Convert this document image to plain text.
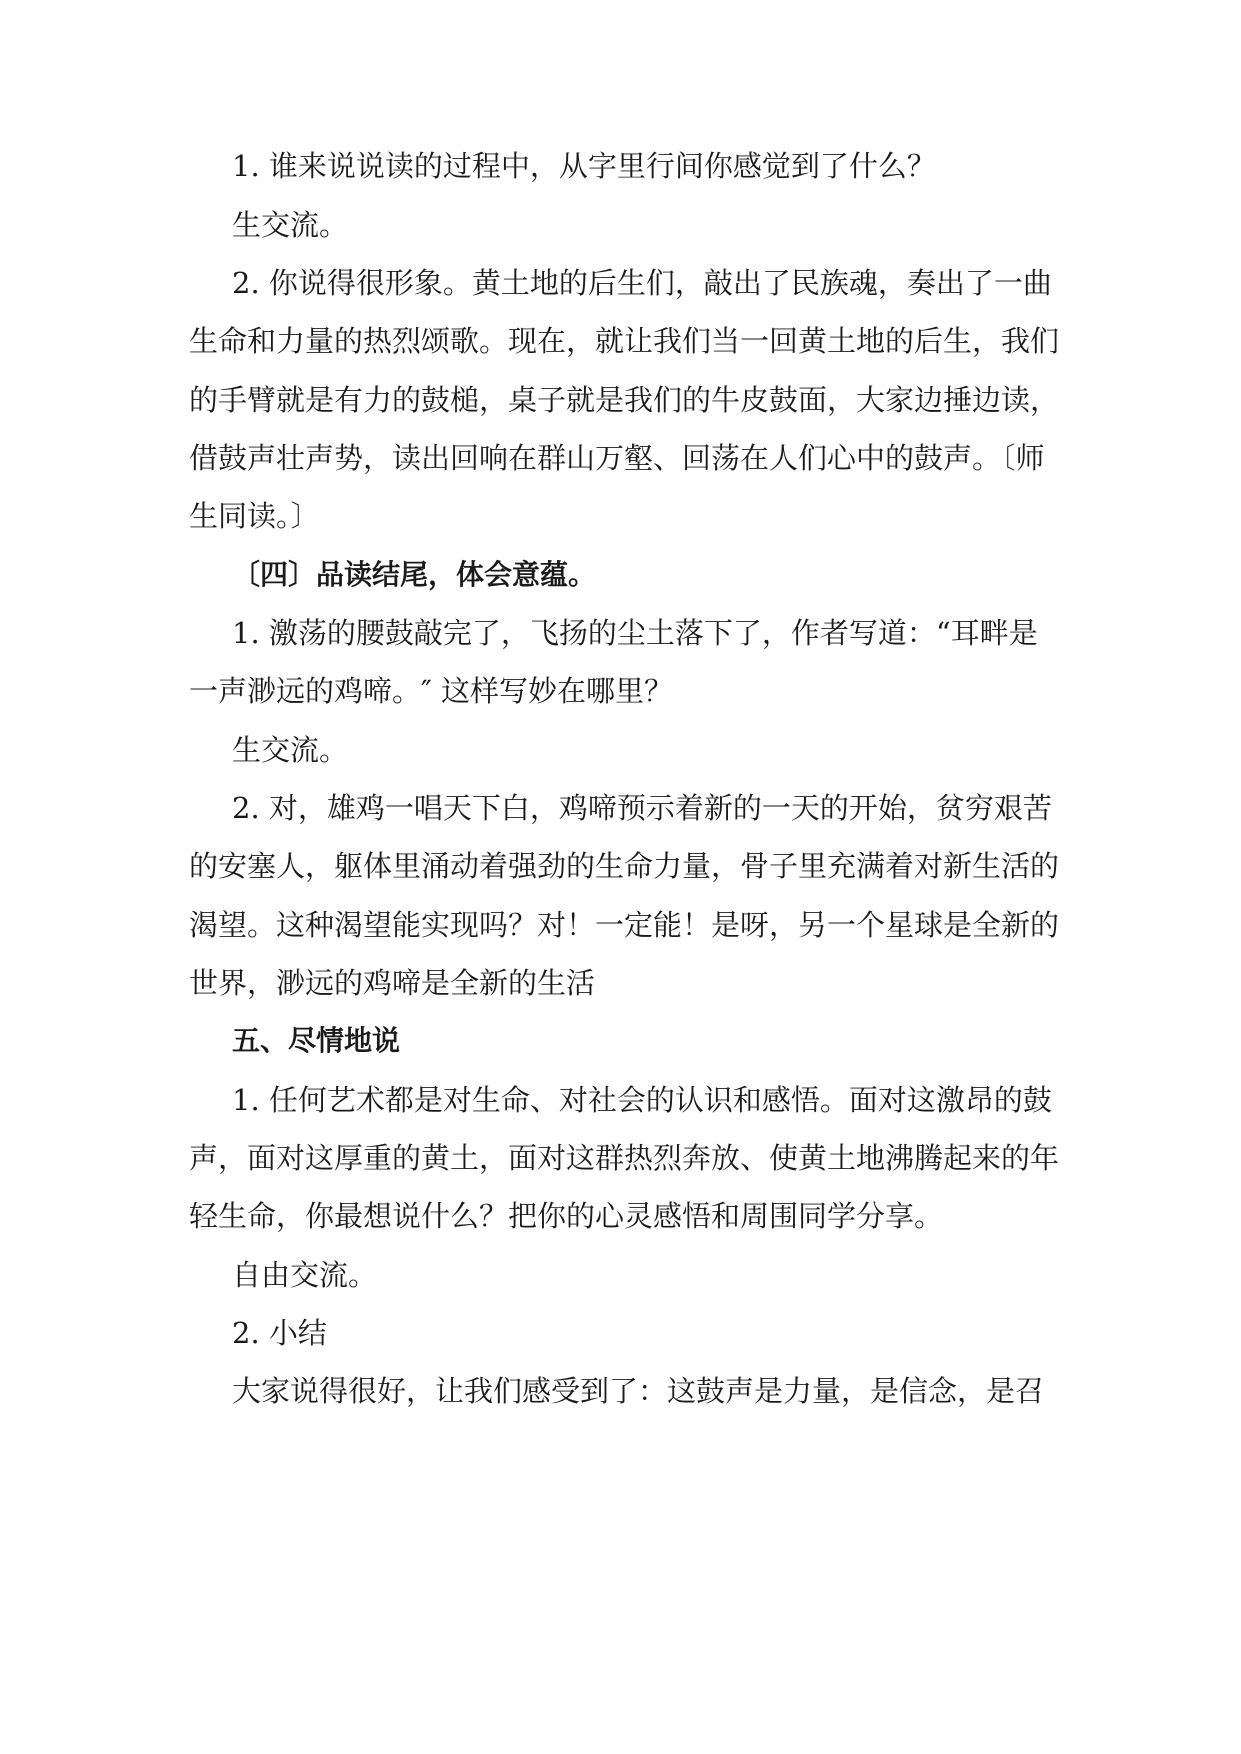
1. 谁来说说读的过程中，从字里行间你感觉到了什么？

生交流。

2. 你说得很形象。黄土地的后生们，敲出了民族魂，奏出了一曲

生命和力量的热烈颂歌。现在，就让我们当一回黄土地的后生，我们

的手臂就是有力的鼓槌，桌子就是我们的牛皮鼓面，大家边捶边读，

借鼓声壮声势，读出回响在群山万壑、回荡在人们心中的鼓声。〔师

生同读。〕

〔四〕品读结尾，体会意蕴。

1. 激荡的腰鼓敲完了，飞扬的尘土落下了，作者写道：“耳畔是

一声渺远的鸡啼。″ 这样写妙在哪里？

生交流。

2. 对，雄鸡一唱天下白，鸡啼预示着新的一天的开始，贫穷艰苦

的安塞人，躯体里涌动着强劲的生命力量，骨子里充满着对新生活的

渴望。这种渴望能实现吗？对！一定能！是呀，另一个星球是全新的

世界，渺远的鸡啼是全新的生活

五、尽情地说

1. 任何艺术都是对生命、对社会的认识和感悟。面对这激昂的鼓

声，面对这厚重的黄土，面对这群热烈奔放、使黄土地沸腾起来的年

轻生命，你最想说什么？把你的心灵感悟和周围同学分享。

自由交流。

2. 小结

大家说得很好，让我们感受到了：这鼓声是力量，是信念，是召
